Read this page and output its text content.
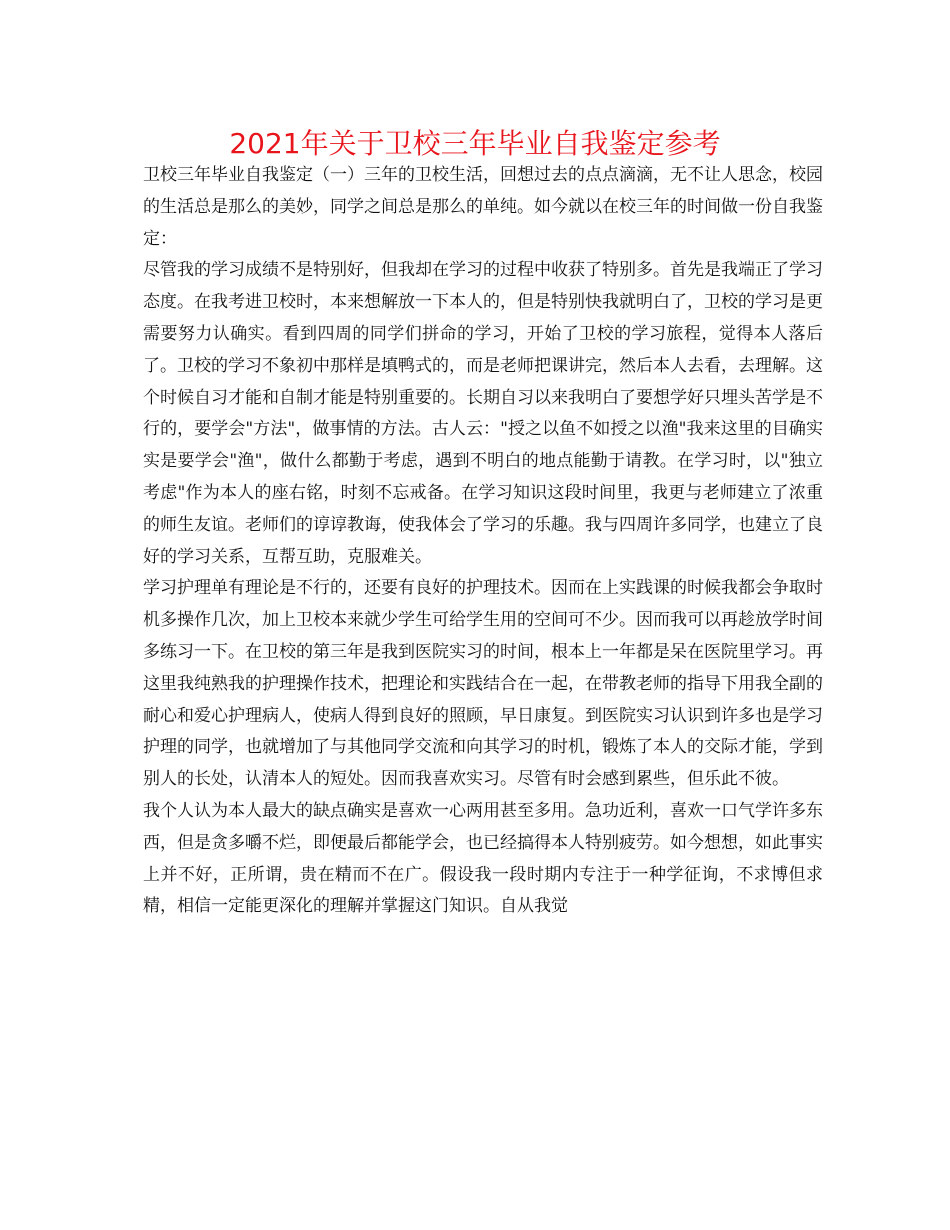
2021年关于卫校三年毕业自我鉴定参考

卫校三年毕业自我鉴定（一）三年的卫校生活，回想过去的点点滴滴，无不让人思念，校园的生活总是那么的美妙，同学之间总是那么的单纯。如今就以在校三年的时间做一份自我鉴定：

尽管我的学习成绩不是特别好，但我却在学习的过程中收获了特别多。首先是我端正了学习态度。在我考进卫校时，本来想解放一下本人的，但是特别快我就明白了，卫校的学习是更需要努力认确实。看到四周的同学们拼命的学习，开始了卫校的学习旅程，觉得本人落后了。卫校的学习不象初中那样是填鸭式的，而是老师把课讲完，然后本人去看，去理解。这个时候自习才能和自制才能是特别重要的。长期自习以来我明白了要想学好只埋头苦学是不行的，要学会"方法"，做事情的方法。古人云："授之以鱼不如授之以渔"我来这里的目确实实是要学会"渔"，做什么都勤于考虑，遇到不明白的地点能勤于请教。在学习时，以"独立考虑"作为本人的座右铭，时刻不忘戒备。在学习知识这段时间里，我更与老师建立了浓重的师生友谊。老师们的谆谆教诲，使我体会了学习的乐趣。我与四周许多同学，也建立了良好的学习关系，互帮互助，克服难关。

学习护理单有理论是不行的，还要有良好的护理技术。因而在上实践课的时候我都会争取时机多操作几次，加上卫校本来就少学生可给学生用的空间可不少。因而我可以再趁放学时间多练习一下。在卫校的第三年是我到医院实习的时间，根本上一年都是呆在医院里学习。再这里我纯熟我的护理操作技术，把理论和实践结合在一起，在带教老师的指导下用我全副的耐心和爱心护理病人，使病人得到良好的照顾，早日康复。到医院实习认识到许多也是学习护理的同学，也就增加了与其他同学交流和向其学习的时机，锻炼了本人的交际才能，学到别人的长处，认清本人的短处。因而我喜欢实习。尽管有时会感到累些，但乐此不彼。

我个人认为本人最大的缺点确实是喜欢一心两用甚至多用。急功近利，喜欢一口气学许多东西，但是贪多嚼不烂，即便最后都能学会，也已经搞得本人特别疲劳。如今想想，如此事实上并不好，正所谓，贵在精而不在广。假设我一段时期内专注于一种学征询，不求博但求精，相信一定能更深化的理解并掌握这门知识。自从我觉
